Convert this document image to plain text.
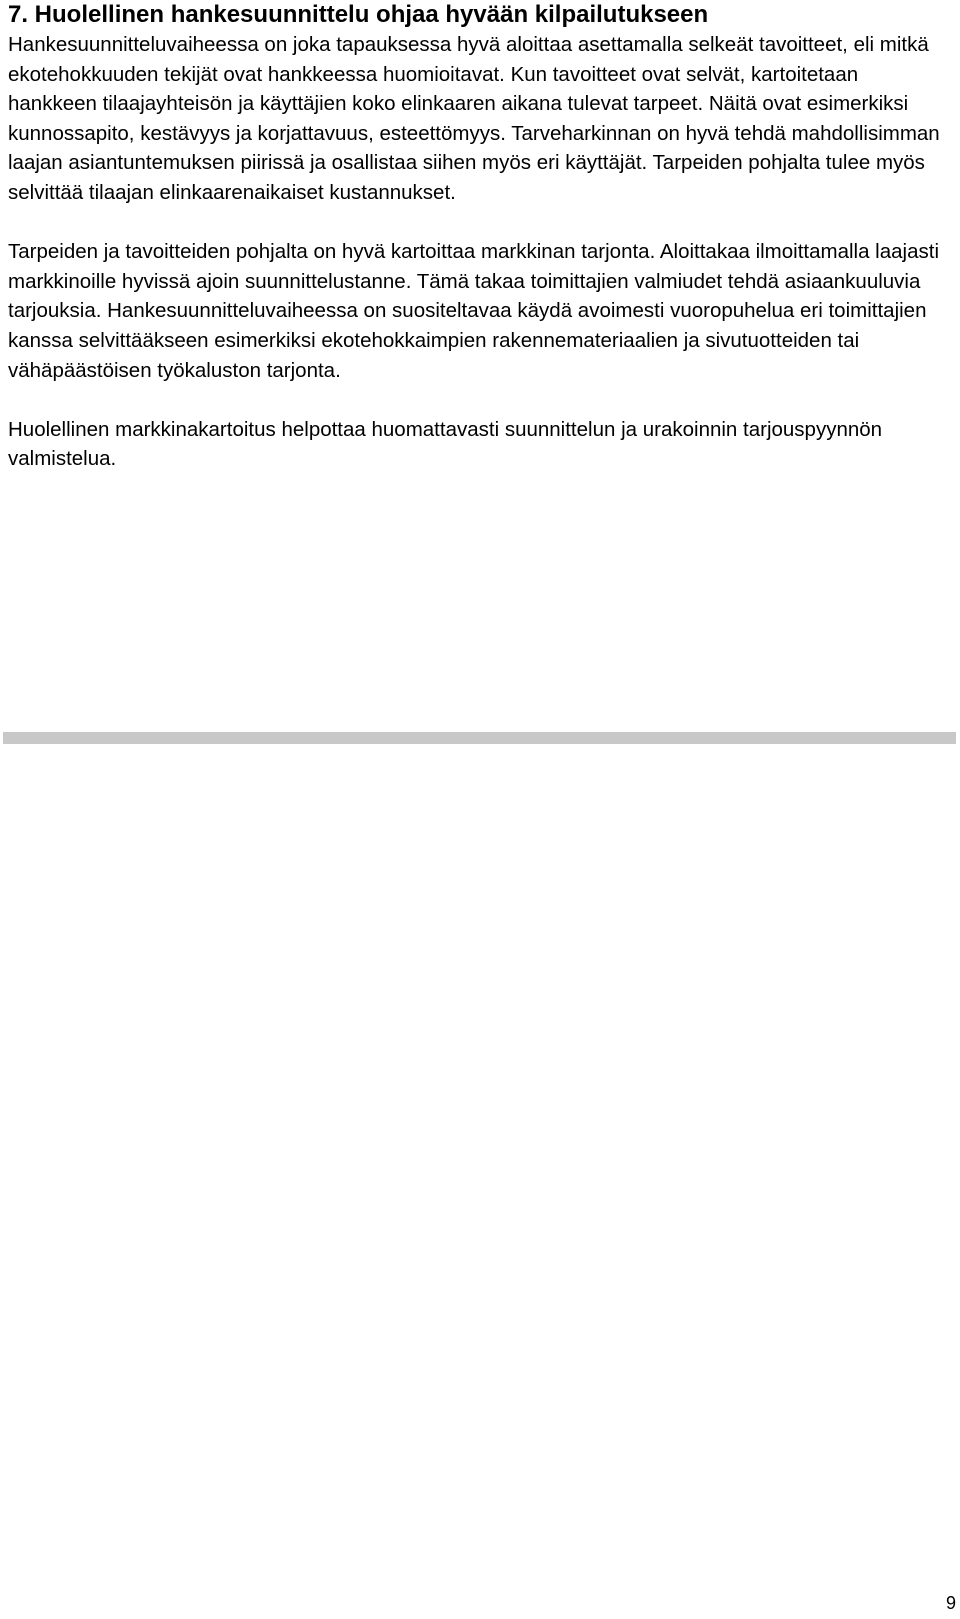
7. Huolellinen hankesuunnittelu ohjaa hyvään kilpailutukseen

Hankesuunnitteluvaiheessa on joka tapauksessa hyvä aloittaa asettamalla selkeät tavoitteet, eli mitkä ekotehokkuuden tekijät ovat hankkeessa huomioitavat. Kun tavoitteet ovat selvät, kartoitetaan hankkeen tilaajayhteisön ja käyttäjien koko elinkaaren aikana tulevat tarpeet. Näitä ovat esimerkiksi kunnossapito, kestävyys ja korjattavuus, esteettömyys. Tarveharkinnan on hyvä tehdä mahdollisimman laajan asiantuntemuksen piirissä ja osallistaa siihen myös eri käyttäjät. Tarpeiden pohjalta tulee myös selvittää tilaajan elinkaarenaikaiset kustannukset.

Tarpeiden ja tavoitteiden pohjalta on hyvä kartoittaa markkinan tarjonta. Aloittakaa ilmoittamalla laajasti markkinoille hyvissä ajoin suunnittelustanne. Tämä takaa toimittajien valmiudet tehdä asiaankuuluvia tarjouksia. Hankesuunnitteluvaiheessa on suositeltavaa käydä avoimesti vuoropuhelua eri toimittajien kanssa selvittääkseen esimerkiksi ekotehokkaimpien rakennemateriaalien ja sivutuotteiden tai vähäpäästöisen työkaluston tarjonta.

Huolellinen markkinakartoitus helpottaa huomattavasti suunnittelun ja urakoinnin tarjouspyynnön valmistelua.

9
